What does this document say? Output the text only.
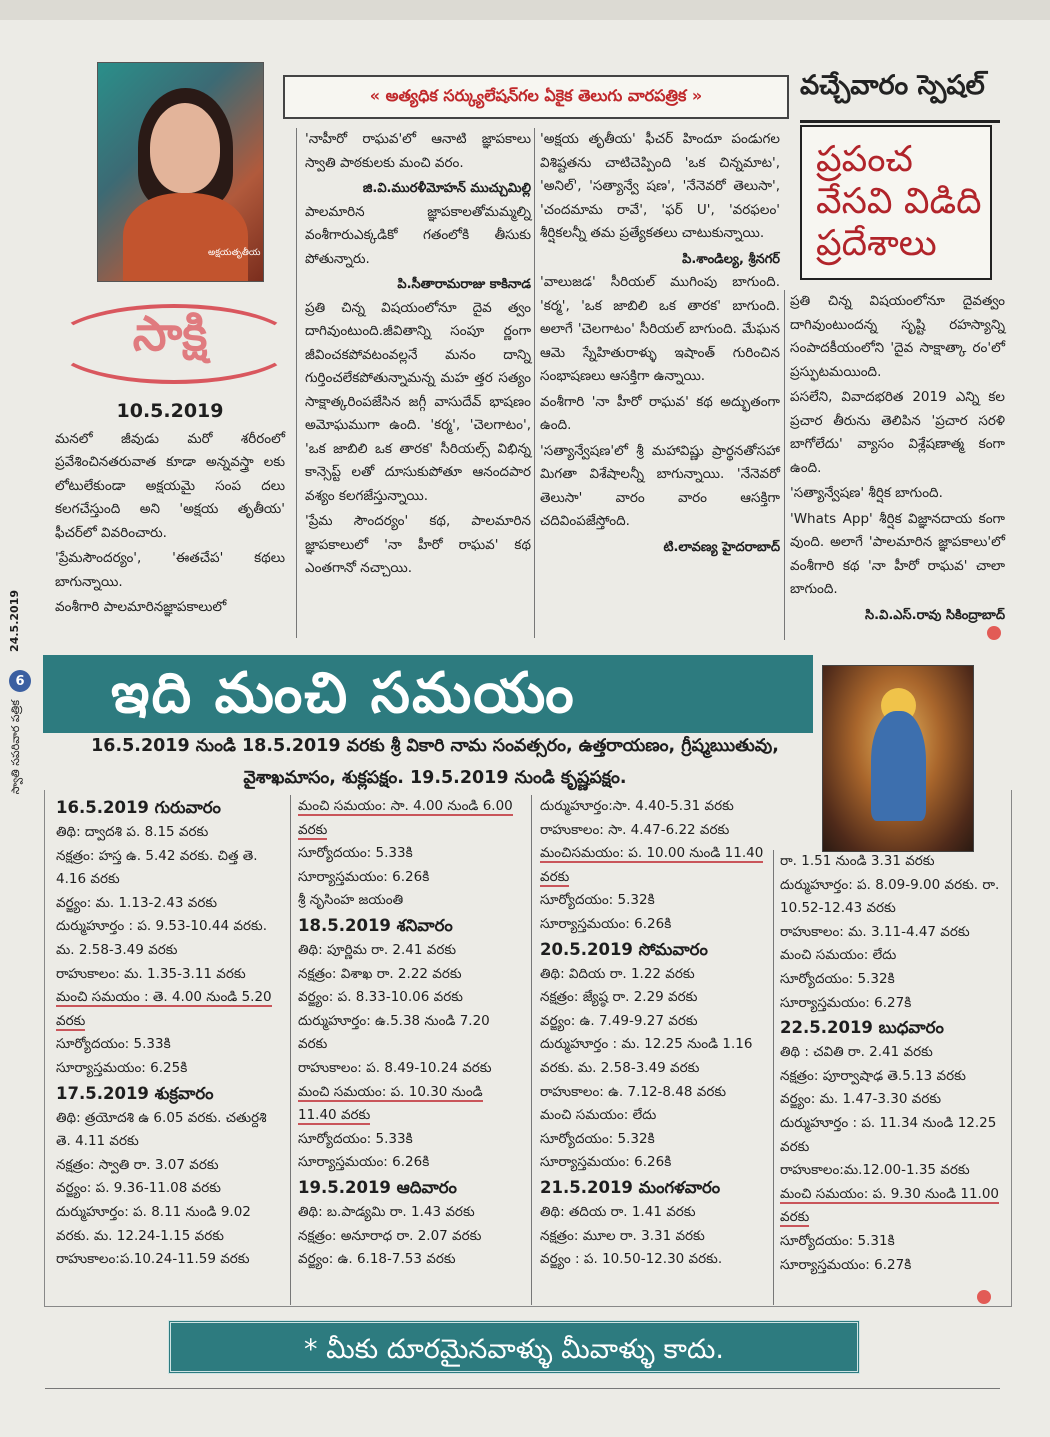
« అత్యధిక సర్క్యులేషన్‌గల ఏకైక తెలుగు వారపత్రిక »
అక్షయతృతీయ
సాక్షి
10.5.2019

మనలో జీవుడు మరో శరీరంలో ప్రవేశించినతరువాత కూడా అన్నవస్త్రా లకు లోటులేకుండా అక్షయమై సంప దలు కలగచేస్తుంది అని 'అక్షయ తృతీయ' ఫీచర్‌లో వివరించారు.

'ప్రేమసౌందర్యం', 'ఈతచేప' కథలు బాగున్నాయి.

వంశీగారి పాలమారినజ్ఞాపకాలులో

'నాహీరో రాఘవ'లో ఆనాటి జ్ఞాపకాలు స్వాతి పాఠకులకు మంచి వరం.

జి.వి.మురళీమోహన్ ముచ్చుమిల్లి

పాలమారిన జ్ఞాపకాలతోమమ్మల్ని వంశీగారుఎక్కడికో గతంలోకి తీసుకు పోతున్నారు.

పి.సీతారామరాజు కాకినాడ

ప్రతి చిన్న విషయంలోనూ దైవ త్వం దాగివుంటుంది.జీవితాన్ని సంపూ ర్ణంగా జీవించకపోవటంవల్లనే మనం దాన్ని గుర్తించలేకపోతున్నామన్న మహ త్తర సత్యం సాక్షాత్కరింపజేసిన జగ్గీ వాసుదేవ్ భాషణం అమోఘముగా ఉంది. 'కర్మ', 'చెలగాటం', 'ఒక జాబిలి ఒక తారక' సీరియల్స్ విభిన్న కాన్సెప్ట్ లతో దూసుకుపోతూ ఆనందపార వశ్యం కలగజేస్తున్నాయి.

'ప్రేమ సౌందర్యం' కథ, పాలమారిన జ్ఞాపకాలులో 'నా హీరో రాఘవ' కథ ఎంతగానో నచ్చాయి.

'అక్షయ తృతీయ' ఫీచర్ హిందూ పండుగల విశిష్టతను చాటిచెప్పింది 'ఒక చిన్నమాట', 'అనిల్', 'సత్యాన్వే షణ', 'నేనెవరో తెలుసా', 'చందమామ రావే', 'ఫర్ U', 'వరఫలం' శీర్షికలన్నీ తమ ప్రత్యేకతలు చాటుకున్నాయి.

పి.శాండిల్య, శ్రీనగర్

'వాలుజడ' సీరియల్ ముగింపు బాగుంది. 'కర్మ', 'ఒక జాబిలి ఒక తారక' బాగుంది. అలాగే 'చెలగాటం' సీరియల్ బాగుంది. మేఘన ఆమె స్నేహితురాళ్ళు ఇషాంత్ గురించిన సంభాషణలు ఆసక్తిగా ఉన్నాయి.

వంశీగారి 'నా హీరో రాఘవ' కథ అద్భుతంగా ఉంది.

'సత్యాన్వేషణ'లో శ్రీ మహావిష్ణు ప్రార్థనతోసహా మిగతా విశేషాలన్నీ బాగున్నాయి. 'నేనెవరో తెలుసా' వారం వారం ఆసక్తిగా చదివింపజేస్తోంది.

టి.లావణ్య హైదరాబాద్
వచ్చేవారం స్పెషల్
ప్రపంచ వేసవి విడిది ప్రదేశాలు

ప్రతి చిన్న విషయంలోనూ దైవత్వం దాగివుంటుందన్న సృష్టి రహస్యాన్ని సంపాదకీయంలోని 'దైవ సాక్షాత్కా రం'లో ప్రస్ఫుటమయింది.

పసలేని, వివాదభరిత 2019 ఎన్ని కల ప్రచార తీరును తెలిపిన 'ప్రచార సరళి బాగోలేదు' వ్యాసం విశ్లేషణాత్మ కంగా ఉంది.

'సత్యాన్వేషణ' శీర్షిక బాగుంది.

'Whats App' శీర్షిక విజ్ఞానదాయ కంగా వుంది. అలాగే 'పాలమారిన జ్ఞాపకాలు'లో వంశీగారి కథ 'నా హీరో రాఘవ' చాలా బాగుంది.

సి.వి.ఎస్.రావు సికింద్రాబాద్
24.5.2019
6
స్వాతి సపరివార పత్రిక
ఇది మంచి సమయం
16.5.2019 నుండి 18.5.2019 వరకు శ్రీ వికారి నామ సంవత్సరం, ఉత్తరాయణం, గ్రీష్మఋతువు, వైశాఖమాసం, శుక్లపక్షం. 19.5.2019 నుండి కృష్ణపక్షం.

16.5.2019 గురువారం

తిథి: ద్వాదశి ప. 8.15 వరకు

నక్షత్రం: హస్త ఉ. 5.42 వరకు. చిత్త తె. 4.16 వరకు

వర్జ్యం: మ. 1.13-2.43 వరకు

దుర్ముహూర్తం : ప. 9.53-10.44 వరకు. మ. 2.58-3.49 వరకు

రాహుకాలం: మ. 1.35-3.11 వరకు

మంచి సమయం : తె. 4.00 నుండి 5.20 వరకు

సూర్యోదయం: 5.33కి

సూర్యాస్తమయం: 6.25కి

17.5.2019 శుక్రవారం

తిథి: త్రయోదశి ఉ 6.05 వరకు. చతుర్దశి తె. 4.11 వరకు

నక్షత్రం: స్వాతి రా. 3.07 వరకు

వర్జ్యం: ప. 9.36-11.08 వరకు

దుర్ముహూర్తం: ప. 8.11 నుండి 9.02 వరకు. మ. 12.24-1.15 వరకు

రాహుకాలం:ప.10.24-11.59 వరకు

మంచి సమయం: సా. 4.00 నుండి 6.00 వరకు

సూర్యోదయం: 5.33కి

సూర్యాస్తమయం: 6.26కి

శ్రీ నృసింహ జయంతి

18.5.2019 శనివారం

తిథి: పూర్ణిమ రా. 2.41 వరకు

నక్షత్రం: విశాఖ రా. 2.22 వరకు

వర్జ్యం: ప. 8.33-10.06 వరకు

దుర్ముహూర్తం: ఉ.5.38 నుండి 7.20 వరకు

రాహుకాలం: ప. 8.49-10.24 వరకు

మంచి సమయం: ప. 10.30 నుండి 11.40 వరకు

సూర్యోదయం: 5.33కి

సూర్యాస్తమయం: 6.26కి

19.5.2019 ఆదివారం

తిథి: బ.పాడ్యమి రా. 1.43 వరకు

నక్షత్రం: అనూరాధ రా. 2.07 వరకు

వర్జ్యం: ఉ. 6.18-7.53 వరకు

దుర్ముహూర్తం:సా. 4.40-5.31 వరకు

రాహుకాలం: సా. 4.47-6.22 వరకు

మంచిసమయం: ప. 10.00 నుండి 11.40 వరకు

సూర్యోదయం: 5.32కి

సూర్యాస్తమయం: 6.26కి

20.5.2019 సోమవారం

తిథి: విదియ రా. 1.22 వరకు

నక్షత్రం: జ్యేష్ఠ రా. 2.29 వరకు

వర్జ్యం: ఉ. 7.49-9.27 వరకు

దుర్ముహూర్తం : మ. 12.25 నుండి 1.16 వరకు. మ. 2.58-3.49 వరకు

రాహుకాలం: ఉ. 7.12-8.48 వరకు

మంచి సమయం: లేదు

సూర్యోదయం: 5.32కి

సూర్యాస్తమయం: 6.26కి

21.5.2019 మంగళవారం

తిథి: తదియ రా. 1.41 వరకు

నక్షత్రం: మూల రా. 3.31 వరకు

వర్జ్యం : ప. 10.50-12.30 వరకు.

రా. 1.51 నుండి 3.31 వరకు

దుర్ముహూర్తం: ప. 8.09-9.00 వరకు. రా. 10.52-12.43 వరకు

రాహుకాలం: మ. 3.11-4.47 వరకు

మంచి సమయం: లేదు

సూర్యోదయం: 5.32కి

సూర్యాస్తమయం: 6.27కి

22.5.2019 బుధవారం

తిథి : చవితి రా. 2.41 వరకు

నక్షత్రం: పూర్వాషాఢ తె.5.13 వరకు

వర్జ్యం: మ. 1.47-3.30 వరకు

దుర్ముహూర్తం : ప. 11.34 నుండి 12.25 వరకు

రాహుకాలం:మ.12.00-1.35 వరకు

మంచి సమయం: ప. 9.30 నుండి 11.00 వరకు

సూర్యోదయం: 5.31కి

సూర్యాస్తమయం: 6.27కి

* మీకు దూరమైనవాళ్ళు మీవాళ్ళు కాదు.
